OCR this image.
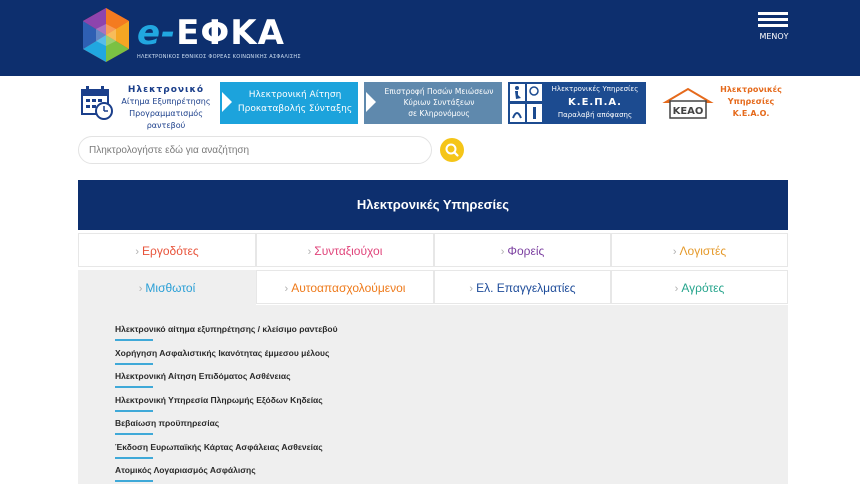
e-ΕΦΚΑ
ΗΛΕΚΤΡΟΝΙΚΟΣ ΕΘΝΙΚΟΣ ΦΟΡΕΑΣ ΚΟΙΝΩΝΙΚΗΣ ΑΣΦΑΛΙΣΗΣ
ΜΕΝΟΥ
Ηλεκτρονικό
Αίτημα Εξυπηρέτησης
Προγραμματισμός ραντεβού
Ηλεκτρονική Αίτηση
Προκαταβολής Σύνταξης
Επιστροφή Ποσών Μειώσεων
Κύριων Συντάξεων
σε Κληρονόμους
Ηλεκτρονικές Υπηρεσίες
Κ.Ε.Π.Α.
Παραλαβή απόφασης	ΚΕΑΟ
Ηλεκτρονικές
Υπηρεσίες
Κ.Ε.Α.Ο.
Πληκτρολογήστε εδώ για αναζήτηση
Ηλεκτρονικές Υπηρεσίες
› Εργοδότες	› Συνταξιούχοι	› Φορείς	› Λογιστές
› Μισθωτοί	› Αυτοαπασχολούμενοι	› Ελ. Επαγγελματίες	› Αγρότες
Ηλεκτρονικό αίτημα εξυπηρέτησης / κλείσιμο ραντεβού
Χορήγηση Ασφαλιστικής Ικανότητας έμμεσου μέλους
Ηλεκτρονική Αίτηση Επιδόματος Ασθένειας
Ηλεκτρονική Υπηρεσία Πληρωμής Εξόδων Κηδείας
Βεβαίωση προϋπηρεσίας
Έκδοση Ευρωπαϊκής Κάρτας Ασφάλειας Ασθενείας
Ατομικός Λογαριασμός Ασφάλισης
